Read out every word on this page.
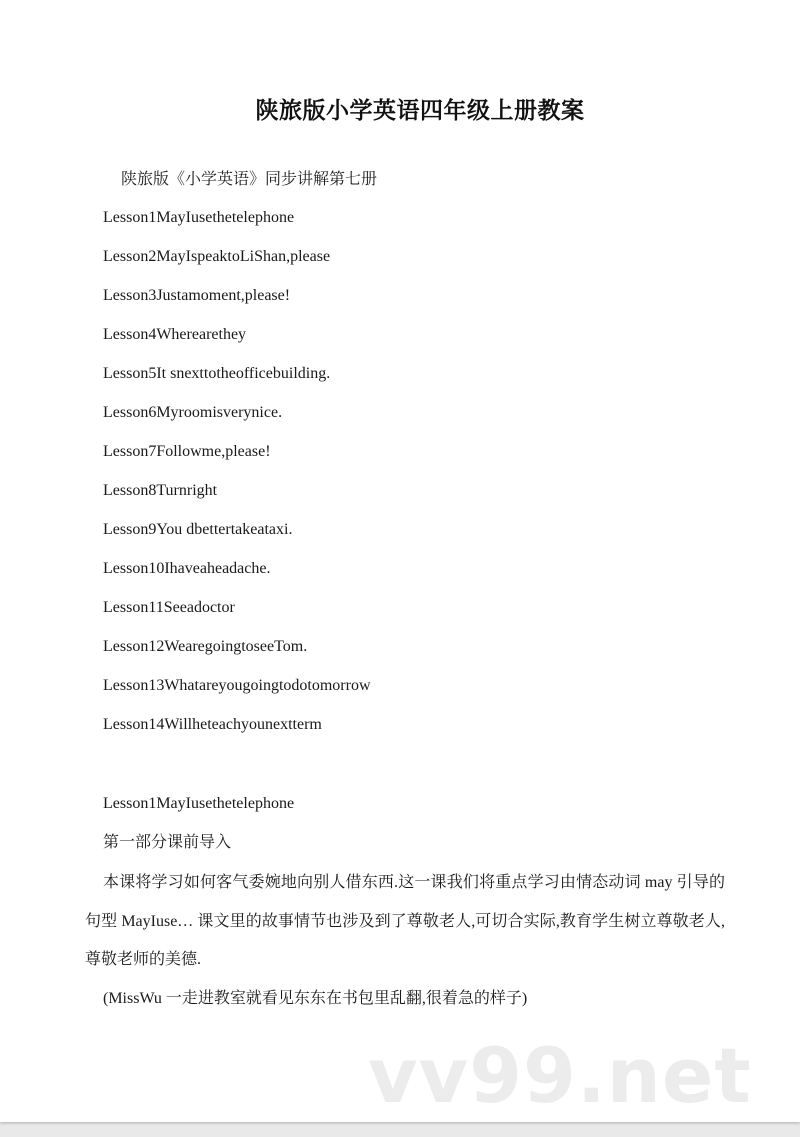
陕旅版小学英语四年级上册教案
陕旅版《小学英语》同步讲解第七册
Lesson1MayIusethetelephone
Lesson2MayIspeaktoLiShan,please
Lesson3Justamoment,please!
Lesson4Wherearethey
Lesson5It snexttotheofficebuilding.
Lesson6Myroomisverynice.
Lesson7Followme,please!
Lesson8Turnright
Lesson9You dbettertakeataxi.
Lesson10Ihaveaheadache.
Lesson11Seeadoctor
Lesson12WearegoingtoseeTom.
Lesson13Whatareyougoingtodotomorrow
Lesson14Willheteachyounextterm
Lesson1MayIusethetelephone
第一部分课前导入

本课将学习如何客气委婉地向别人借东西.这一课我们将重点学习由情态动词 may 引导的句型 MayIuse… 课文里的故事情节也涉及到了尊敬老人,可切合实际,教育学生树立尊敬老人,尊敬老师的美德.

(MissWu 一走进教室就看见东东在书包里乱翻,很着急的样子)
vv99.net
